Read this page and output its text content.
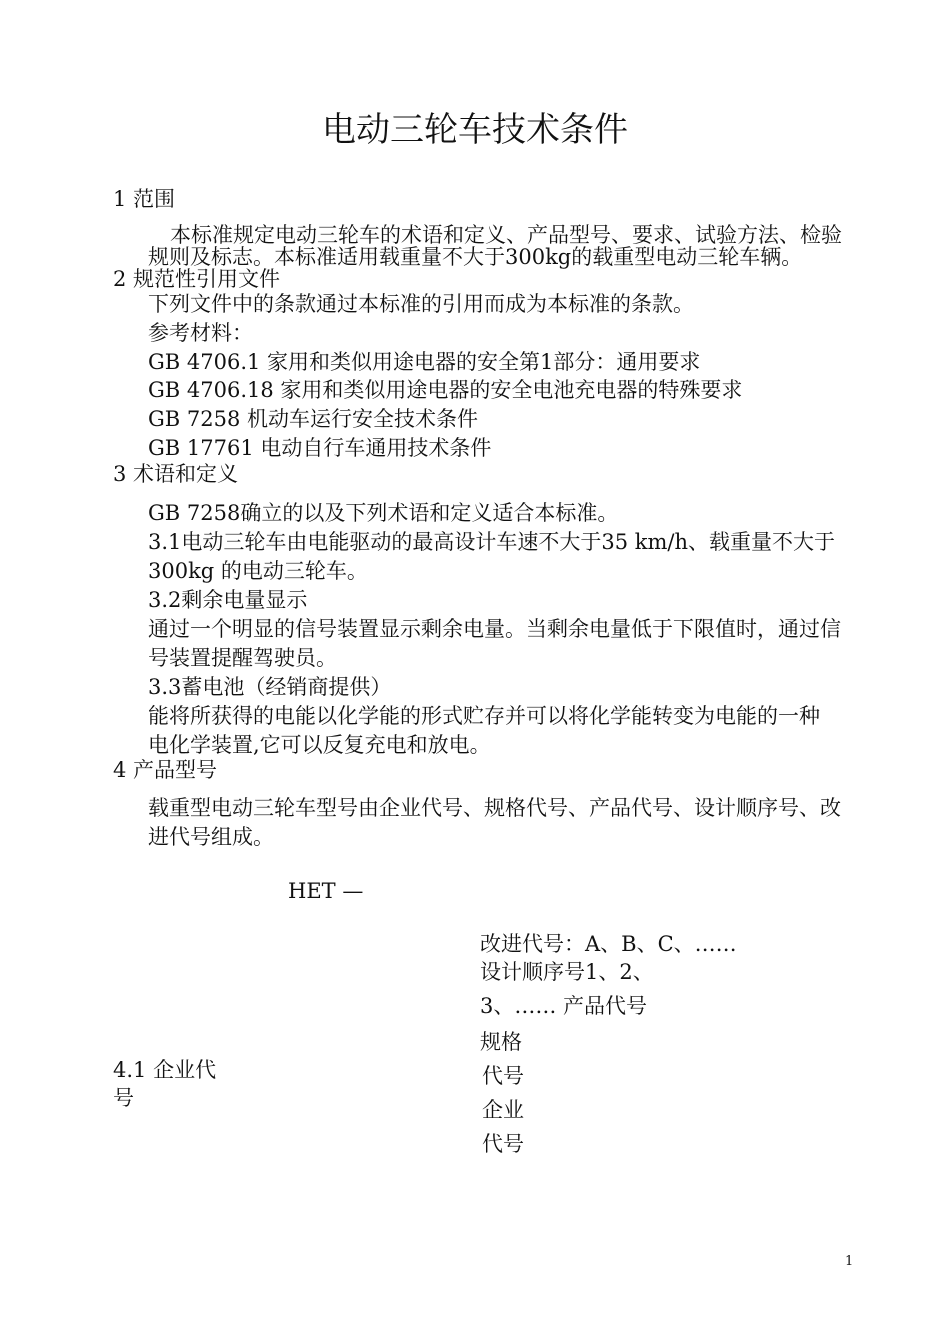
电动三轮车技术条件
1 范围
本标准规定电动三轮车的术语和定义、产品型号、要求、试验方法、检验
规则及标志。本标准适用载重量不大于300kg的载重型电动三轮车辆。
2 规范性引用文件
下列文件中的条款通过本标准的引用而成为本标准的条款。
参考材料：
GB 4706.1 家用和类似用途电器的安全第1部分：通用要求
GB 4706.18 家用和类似用途电器的安全电池充电器的特殊要求
GB 7258 机动车运行安全技术条件
GB 17761 电动自行车通用技术条件
3 术语和定义
GB 7258确立的以及下列术语和定义适合本标准。
3.1电动三轮车由电能驱动的最高设计车速不大于35 km/h、载重量不大于
300kg 的电动三轮车。
3.2剩余电量显示
通过一个明显的信号装置显示剩余电量。当剩余电量低于下限值时，通过信
号装置提醒驾驶员。
3.3蓄电池（经销商提供）
能将所获得的电能以化学能的形式贮存并可以将化学能转变为电能的一种
电化学装置,它可以反复充电和放电。
4 产品型号
载重型电动三轮车型号由企业代号、规格代号、产品代号、设计顺序号、改
进代号组成。
HET —
改进代号：A、B、C、……
设计顺序号1、2、
3、…… 产品代号
规格
代号
企业
代号
4.1 企业代
号
1
